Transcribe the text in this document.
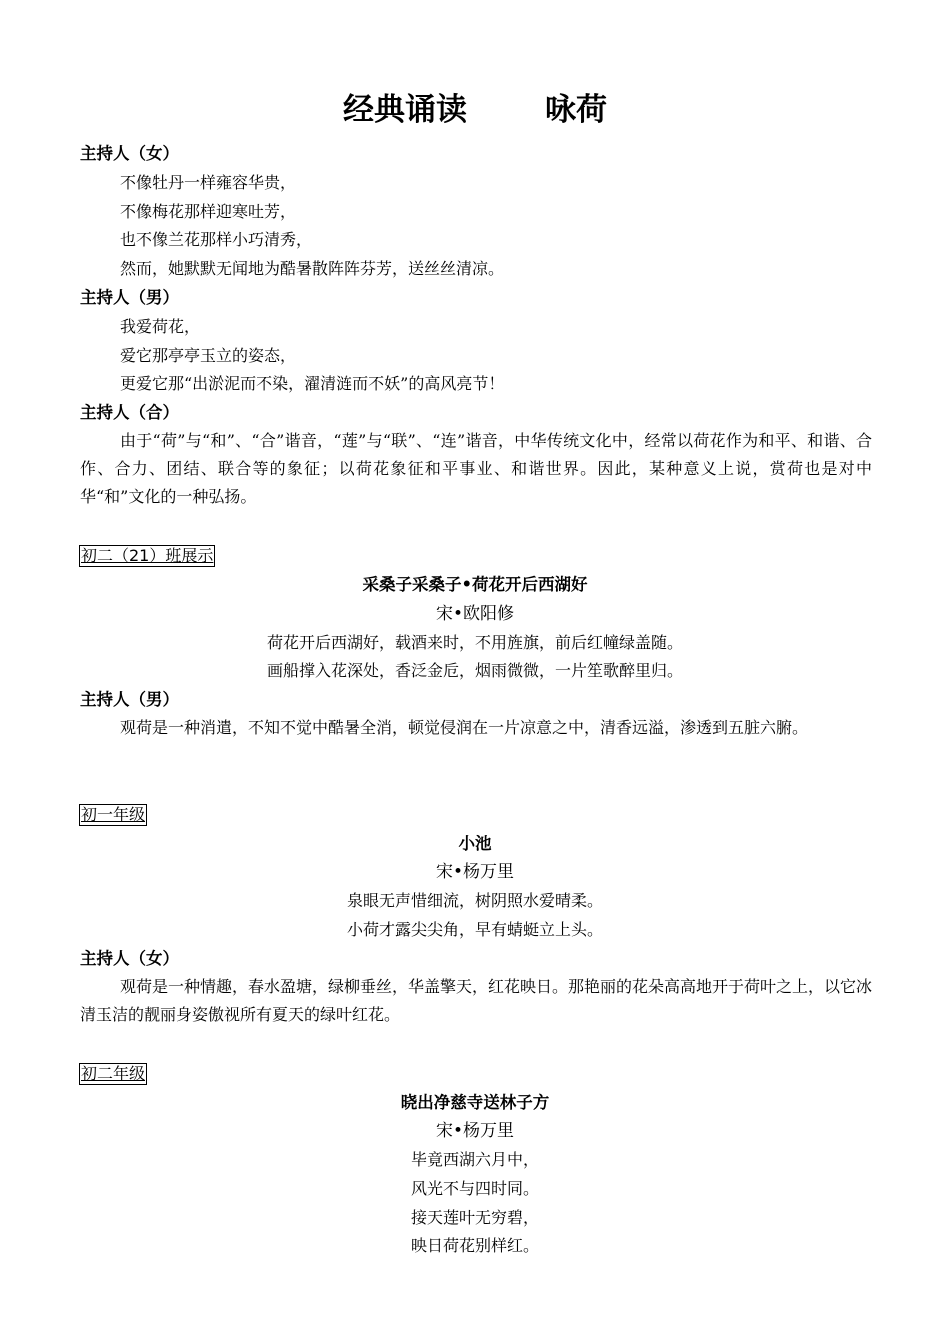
经典诵读	咏荷
主持人（女）
不像牡丹一样雍容华贵，
不像梅花那样迎寒吐芳，
也不像兰花那样小巧清秀，
然而，她默默无闻地为酷暑散阵阵芬芳，送丝丝清凉。
主持人（男）
我爱荷花，
爱它那亭亭玉立的姿态，
更爱它那“出淤泥而不染，濯清涟而不妖”的高风亮节！
主持人（合）
由于“荷”与“和”、“合”谐音，“莲”与“联”、“连”谐音，中华传统文化中，经常以荷花作为和平、和谐、合作、合力、团结、联合等的象征；以荷花象征和平事业、和谐世界。因此，某种意义上说，赏荷也是对中华“和”文化的一种弘扬。
初二（21）班展示
采桑子采桑子•荷花开后西湖好
宋•欧阳修
荷花开后西湖好，载酒来时，不用旌旗，前后红幢绿盖随。
画船撑入花深处，香泛金卮，烟雨微微，一片笙歌醉里归。
主持人（男）
观荷是一种消遣，不知不觉中酷暑全消，顿觉侵润在一片凉意之中，清香远溢，渗透到五脏六腑。
初一年级
小池
宋•杨万里
泉眼无声惜细流，树阴照水爱晴柔。
小荷才露尖尖角，早有蜻蜓立上头。
主持人（女）
观荷是一种情趣，春水盈塘，绿柳垂丝，华盖擎天，红花映日。那艳丽的花朵高高地开于荷叶之上，以它冰清玉洁的靓丽身姿傲视所有夏天的绿叶红花。
初二年级
晓出净慈寺送林子方
宋•杨万里
毕竟西湖六月中，
风光不与四时同。
接天莲叶无穷碧，
映日荷花别样红。
